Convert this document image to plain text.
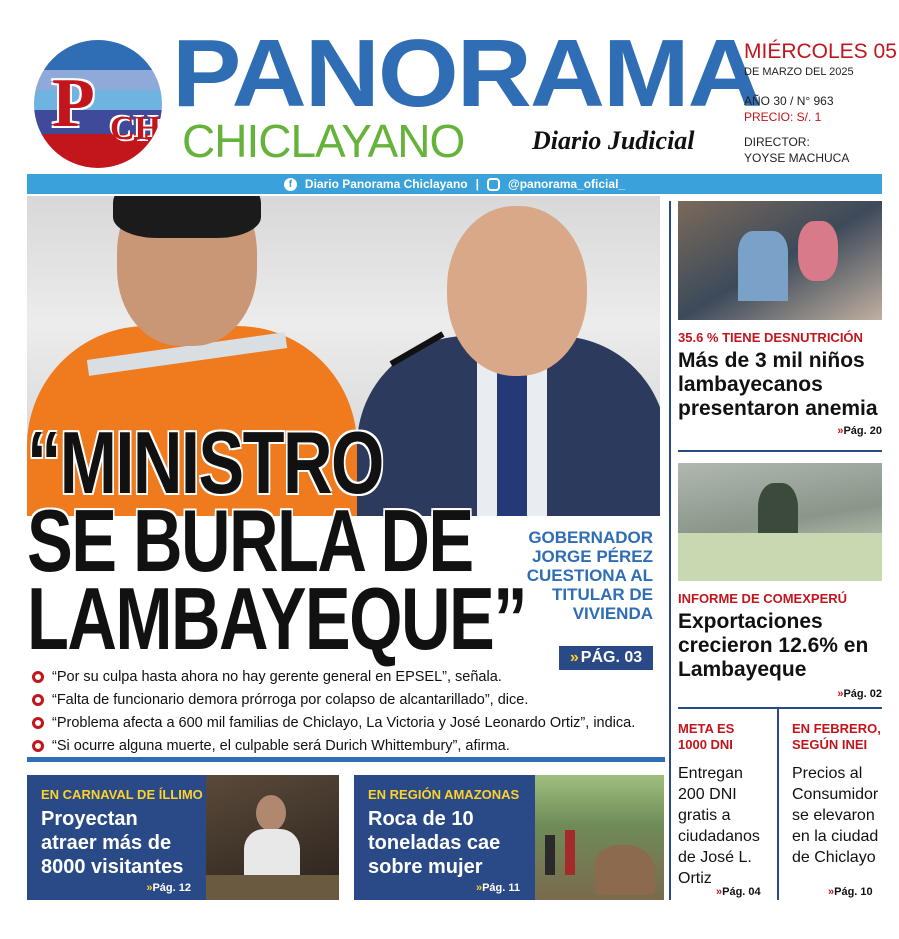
P CH
PANORAMA
CHICLAYANO	Diario Judicial
MIÉRCOLES 05
DE MARZO DEL 2025
AÑO 30 / N° 963
PRECIO: S/. 1
DIRECTOR:
YOYSE MACHUCA
f	Diario Panorama Chiclayano | @panorama_oficial_
“MINISTRO
SE BURLA DE
LAMBAYEQUE”
GOBERNADOR
JORGE PÉREZ
CUESTIONA AL
TITULAR DE
VIVIENDA
» PÁG. 03
“Por su culpa hasta ahora no hay gerente general en EPSEL”, señala.
“Falta de funcionario demora prórroga por colapso de alcantarillado”, dice.
“Problema afecta a 600 mil familias de Chiclayo, La Victoria y José Leonardo Ortiz”, indica.
“Si ocurre alguna muerte, el culpable será Durich Whittembury”, afirma.
EN CARNAVAL DE ÍLLIMO
Proyectan
atraer más de
8000 visitantes
»Pág. 12
EN REGIÓN AMAZONAS
Roca de 10
toneladas cae
sobre mujer
»Pág. 11
35.6 % TIENE DESNUTRICIÓN
Más de 3 mil niños
lambayecanos
presentaron anemia
»Pág. 20
INFORME DE COMEXPERÚ
Exportaciones
crecieron 12.6% en
Lambayeque
»Pág. 02
META ES
1000 DNI
Entregan
200 DNI
gratis a
ciudadanos
de José L.
Ortiz
»Pág. 04
EN FEBRERO,
SEGÚN INEI
Precios al
Consumidor
se elevaron
en la ciudad
de Chiclayo
»Pág. 10
